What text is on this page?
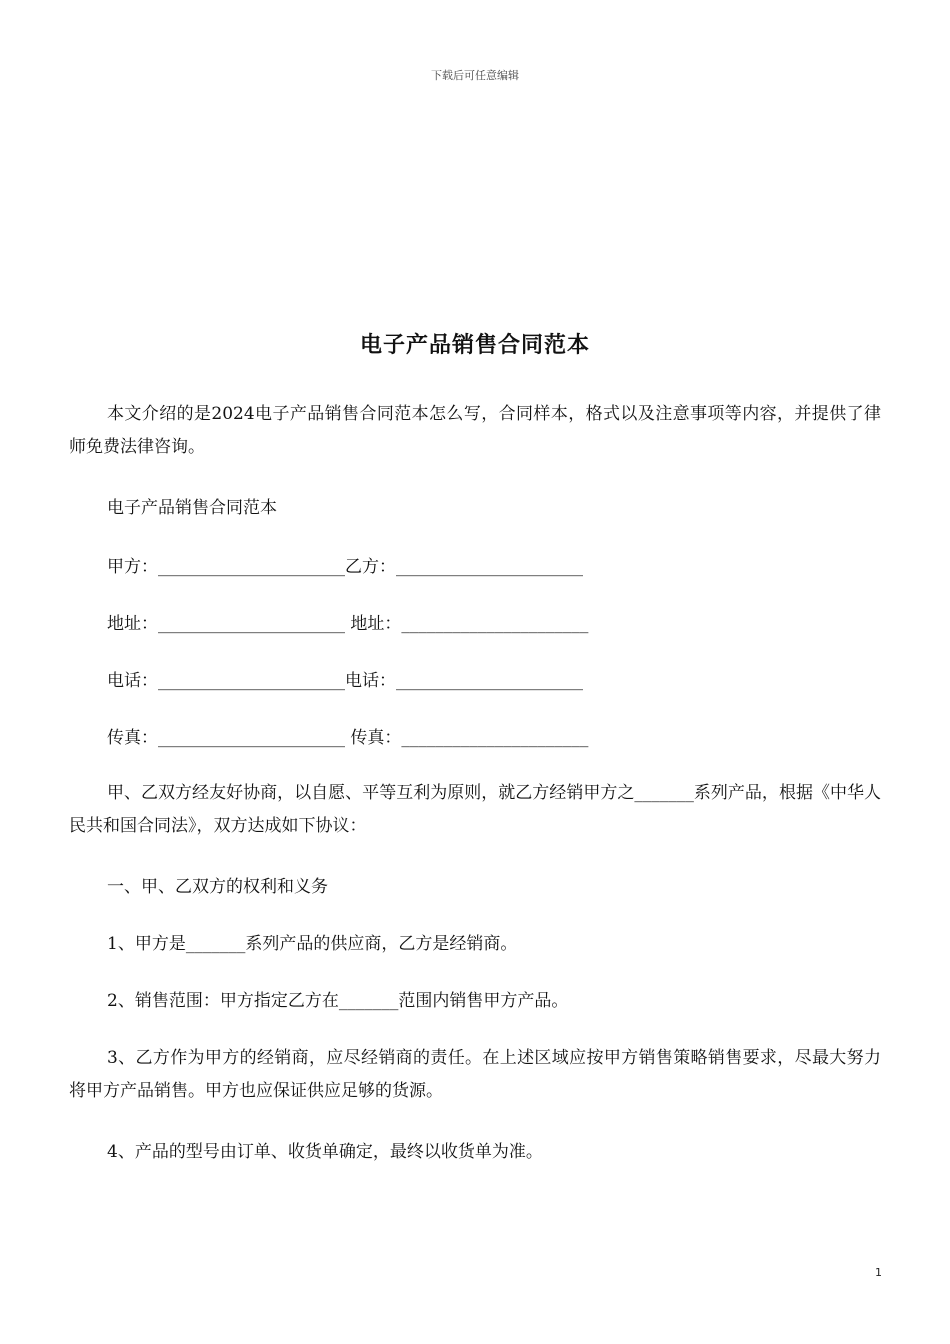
下载后可任意编辑
电子产品销售合同范本
本文介绍的是2024电子产品销售合同范本怎么写，合同样本，格式以及注意事项等内容，并提供了律师免费法律咨询。
电子产品销售合同范本
甲方：______________________乙方：______________________
地址：______________________ 地址：______________________
电话：______________________电话：______________________
传真：______________________ 传真：______________________
甲、乙双方经友好协商，以自愿、平等互利为原则，就乙方经销甲方之_______系列产品，根据《中华人民共和国合同法》，双方达成如下协议：
一、甲、乙双方的权利和义务
1、甲方是_______系列产品的供应商，乙方是经销商。
2、销售范围：甲方指定乙方在_______范围内销售甲方产品。
3、乙方作为甲方的经销商，应尽经销商的责任。在上述区域应按甲方销售策略销售要求，尽最大努力将甲方产品销售。甲方也应保证供应足够的货源。
4、产品的型号由订单、收货单确定，最终以收货单为准。
1
